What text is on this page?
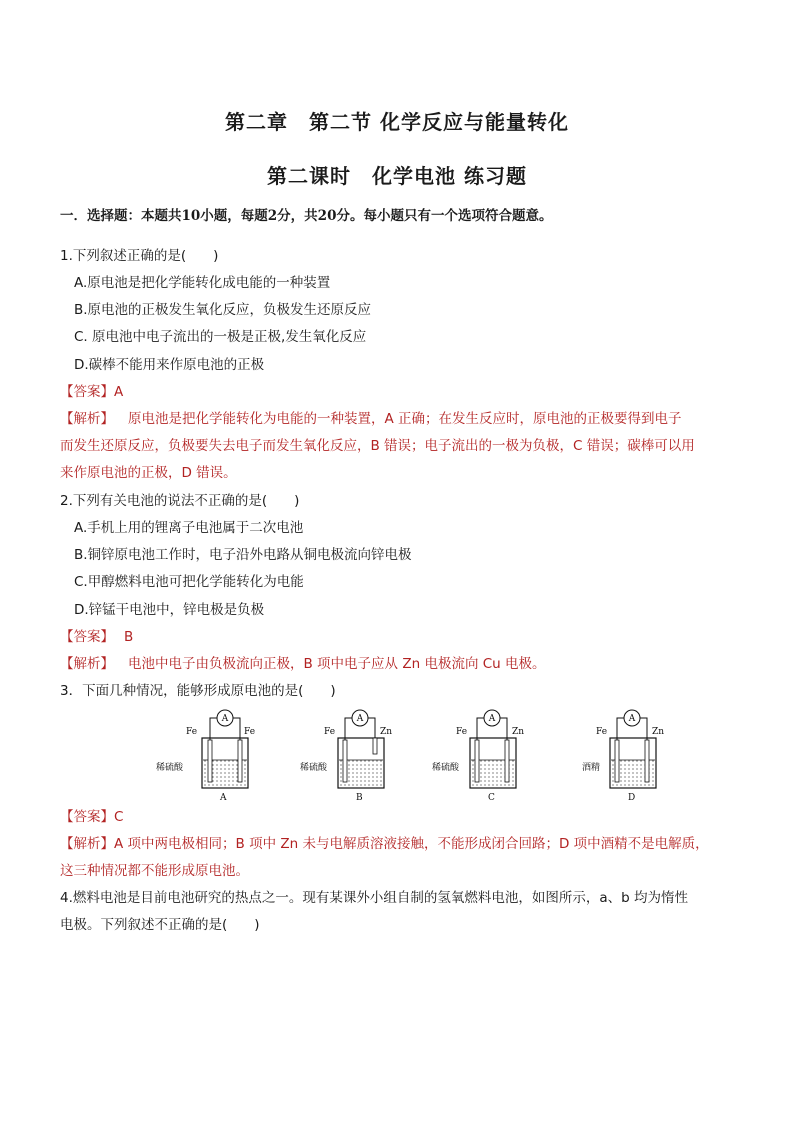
第二章　第二节 化学反应与能量转化
第二课时　化学电池 练习题
一．选择题：本题共10小题，每题2分，共20分。每小题只有一个选项符合题意。
1.下列叙述正确的是(　　)
A.原电池是把化学能转化成电能的一种装置
B.原电池的正极发生氧化反应，负极发生还原反应
C. 原电池中电子流出的一极是正极,发生氧化反应
D.碳棒不能用来作原电池的正极
【答案】A
【解析】 原电池是把化学能转化为电能的一种装置，A 正确；在发生反应时，原电池的正极要得到电子
而发生还原反应，负极要失去电子而发生氧化反应，B 错误；电子流出的一极为负极，C 错误；碳棒可以用
来作原电池的正极，D 错误。
2.下列有关电池的说法不正确的是(　　)
A.手机上用的锂离子电池属于二次电池
B.铜锌原电池工作时，电子沿外电路从铜电极流向锌电极
C.甲醇燃料电池可把化学能转化为电能
D.锌锰干电池中，锌电极是负极
【答案】 B
【解析】 电池中电子由负极流向正极，B 项中电子应从 Zn 电极流向 Cu 电极。
3．下面几种情况，能够形成原电池的是(　　)
A
Fe	Fe
稀硫酸
A
A
Fe	Zn
稀硫酸
B
A
Fe	Zn
稀硫酸
C
A
Fe	Zn
酒精
D
【答案】C
【解析】A 项中两电极相同；B 项中 Zn 未与电解质溶液接触，不能形成闭合回路；D 项中酒精不是电解质，
这三种情况都不能形成原电池。
4.燃料电池是目前电池研究的热点之一。现有某课外小组自制的氢氧燃料电池，如图所示，a、b 均为惰性
电极。下列叙述不正确的是(　　)
